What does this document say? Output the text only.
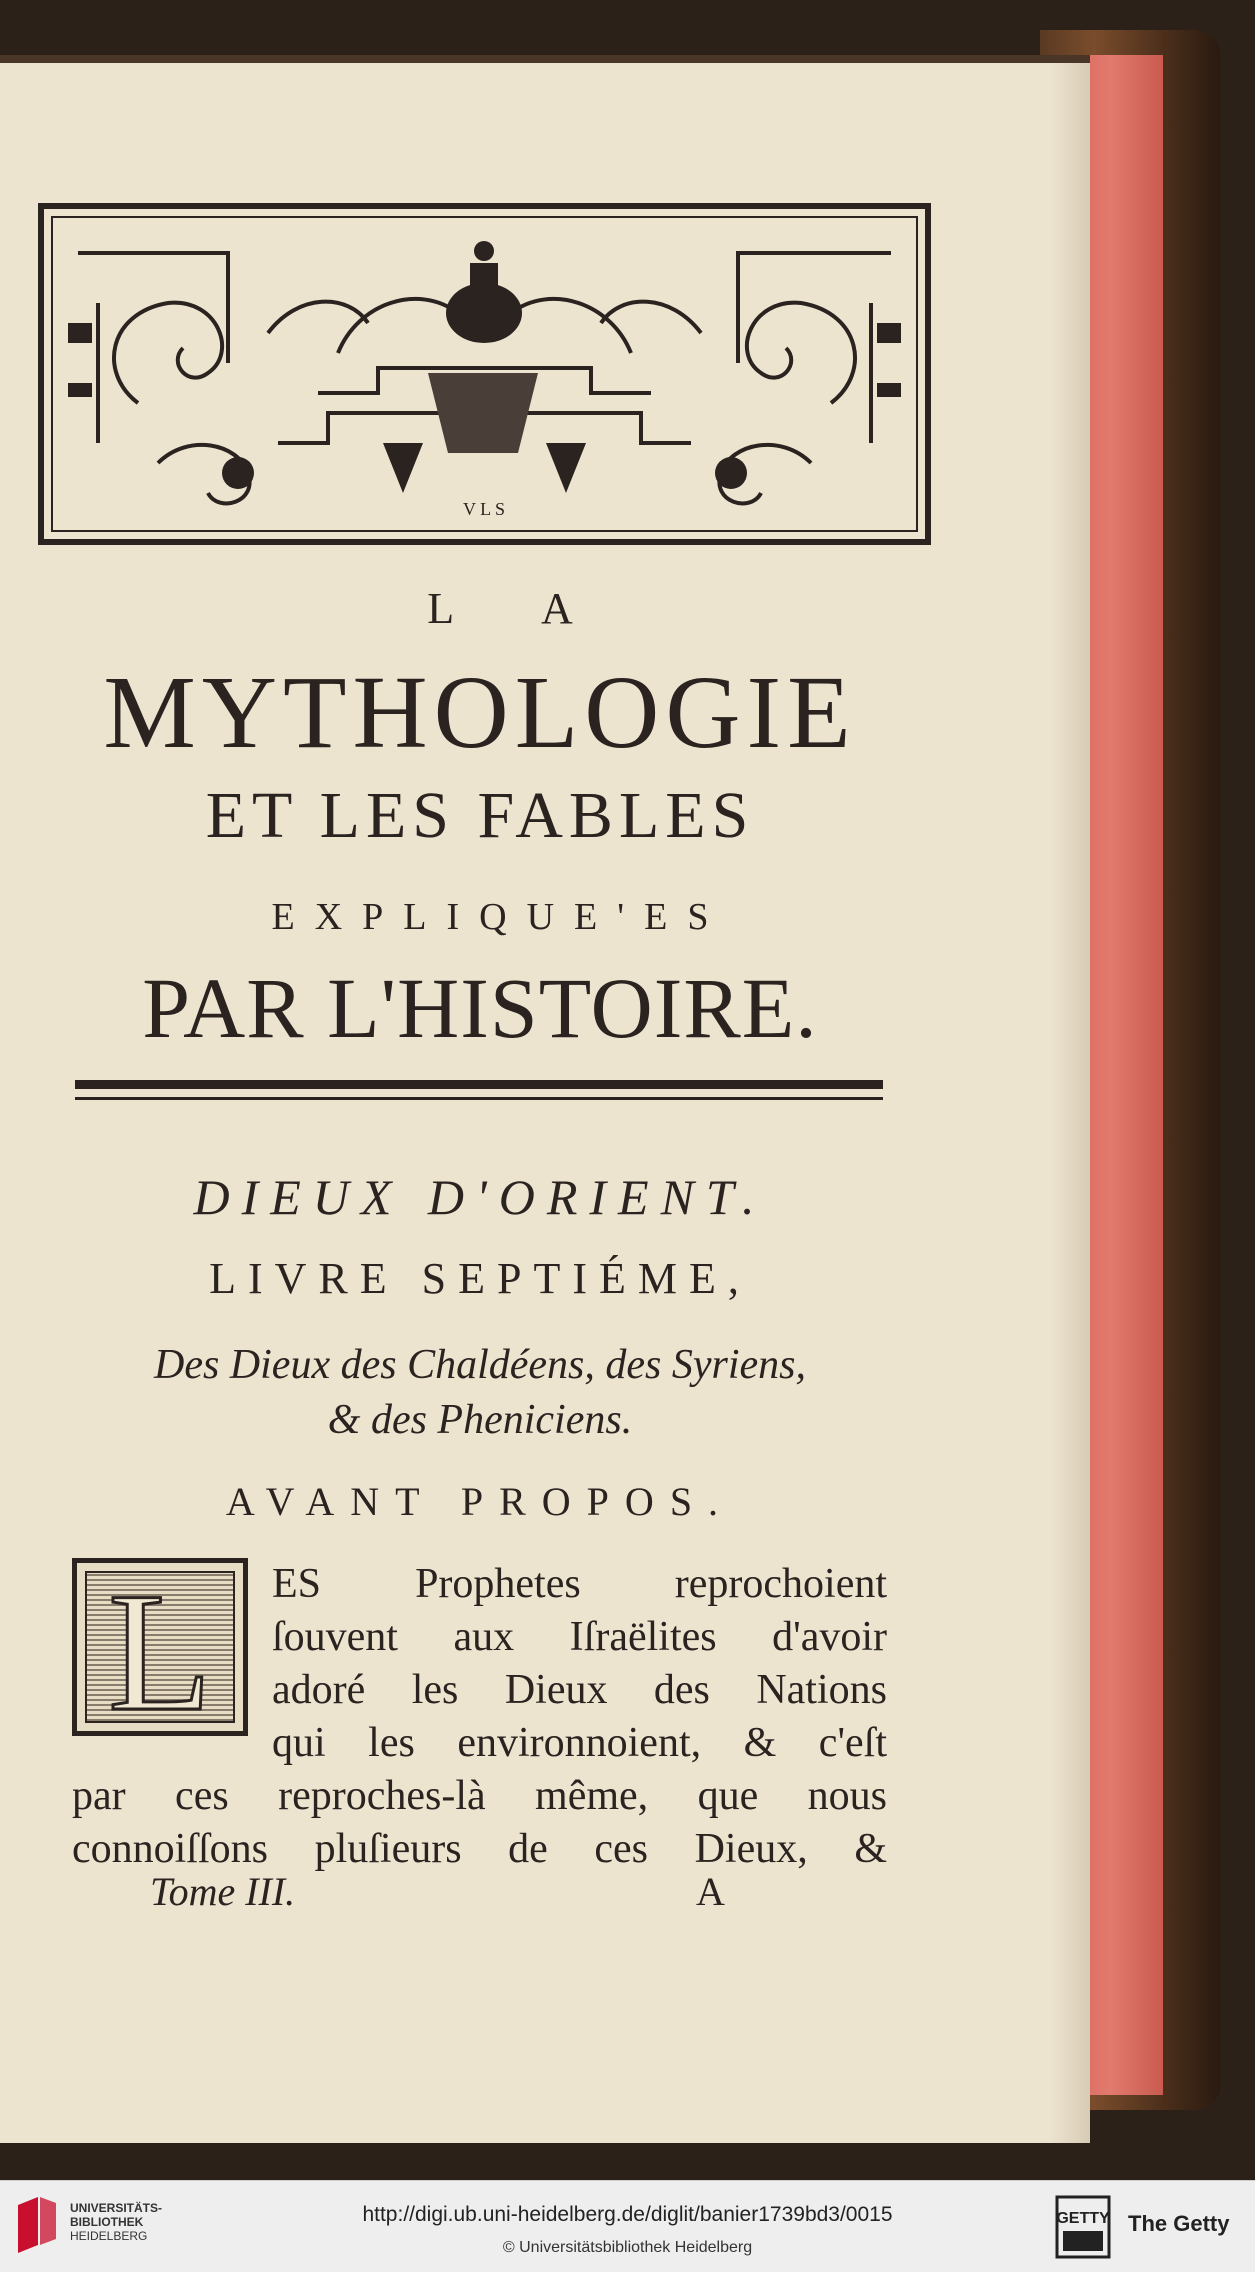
V L S
L A
MYTHOLOGIE
ET LES FABLES
EXPLIQUE'ES
PAR L'HISTOIRE.
DIEUX D'ORIENT.
LIVRE SEPTIÉME,
Des Dieux des Chaldéens, des Syriens,
& des Pheniciens.
AVANT PROPOS.
L	ES Prophetes reprochoient
ſouvent aux Iſraëlites d'avoir
adoré les Dieux des Nations
qui les environnoient, & c'eſt
par ces reproches-là même, que nous
connoiſſons pluſieurs de ces Dieux, &
Tome III.	A
UNIVERSITÄTS-
BIBLIOTHEK
HEIDELBERG
http://digi.ub.uni-heidelberg.de/diglit/banier1739bd3/0015
© Universitätsbibliothek Heidelberg
GETTY The Getty
